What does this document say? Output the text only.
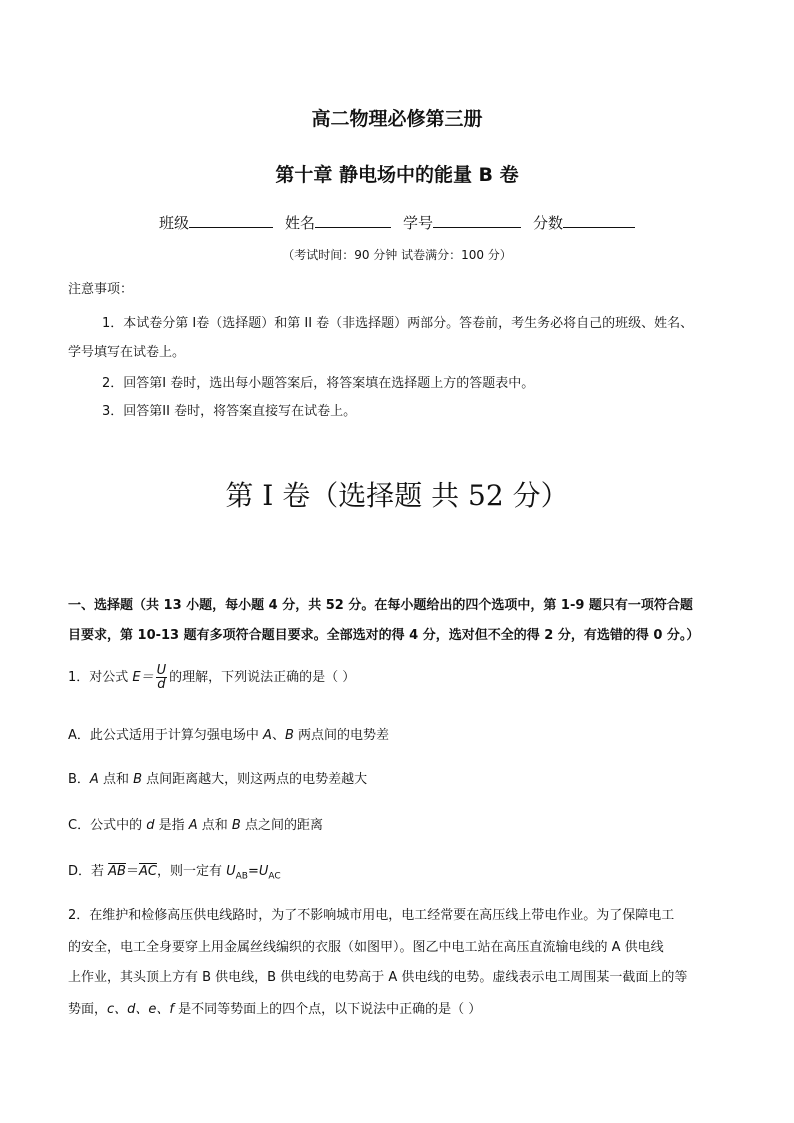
高二物理必修第三册
第十章 静电场中的能量 B 卷
班级	姓名	学号	分数
（考试时间：90 分钟 试卷满分：100 分）
注意事项：
1．本试卷分第 I卷（选择题）和第 II 卷（非选择题）两部分。答卷前，考生务必将自己的班级、姓名、
学号填写在试卷上。
2．回答第I 卷时，选出每小题答案后，将答案填在选择题上方的答题表中。
3．回答第II 卷时，将答案直接写在试卷上。
第 I 卷（选择题 共 52 分）
一、选择题（共 13 小题，每小题 4 分，共 52 分。在每小题给出的四个选项中，第 1-9 题只有一项符合题
目要求，第 10-13 题有多项符合题目要求。全部选对的得 4 分，选对但不全的得 2 分，有选错的得 0 分。）
1．对公式 $E= \frac{U}{d}$ 的理解，下列说法正确的是（ ）
A．此公式适用于计算匀强电场中 A、B 两点间的电势差
B．A 点和 B 点间距离越大，则这两点的电势差越大
C．公式中的 d 是指 A 点和 B 点之间的距离
D．若 $\overline{AB}=\overline{AC}$，则一定有 $U_{AB}=U_{AC}$
2．在维护和检修高压供电线路时，为了不影响城市用电，电工经常要在高压线上带电作业。为了保障电工
的安全，电工全身要穿上用金属丝线编织的衣服（如图甲）。图乙中电工站在高压直流输电线的 A 供电线
上作业，其头顶上方有 B 供电线，B 供电线的电势高于 A 供电线的电势。虚线表示电工周围某一截面上的等
势面，c、d、e、f 是不同等势面上的四个点，以下说法中正确的是（ ）
